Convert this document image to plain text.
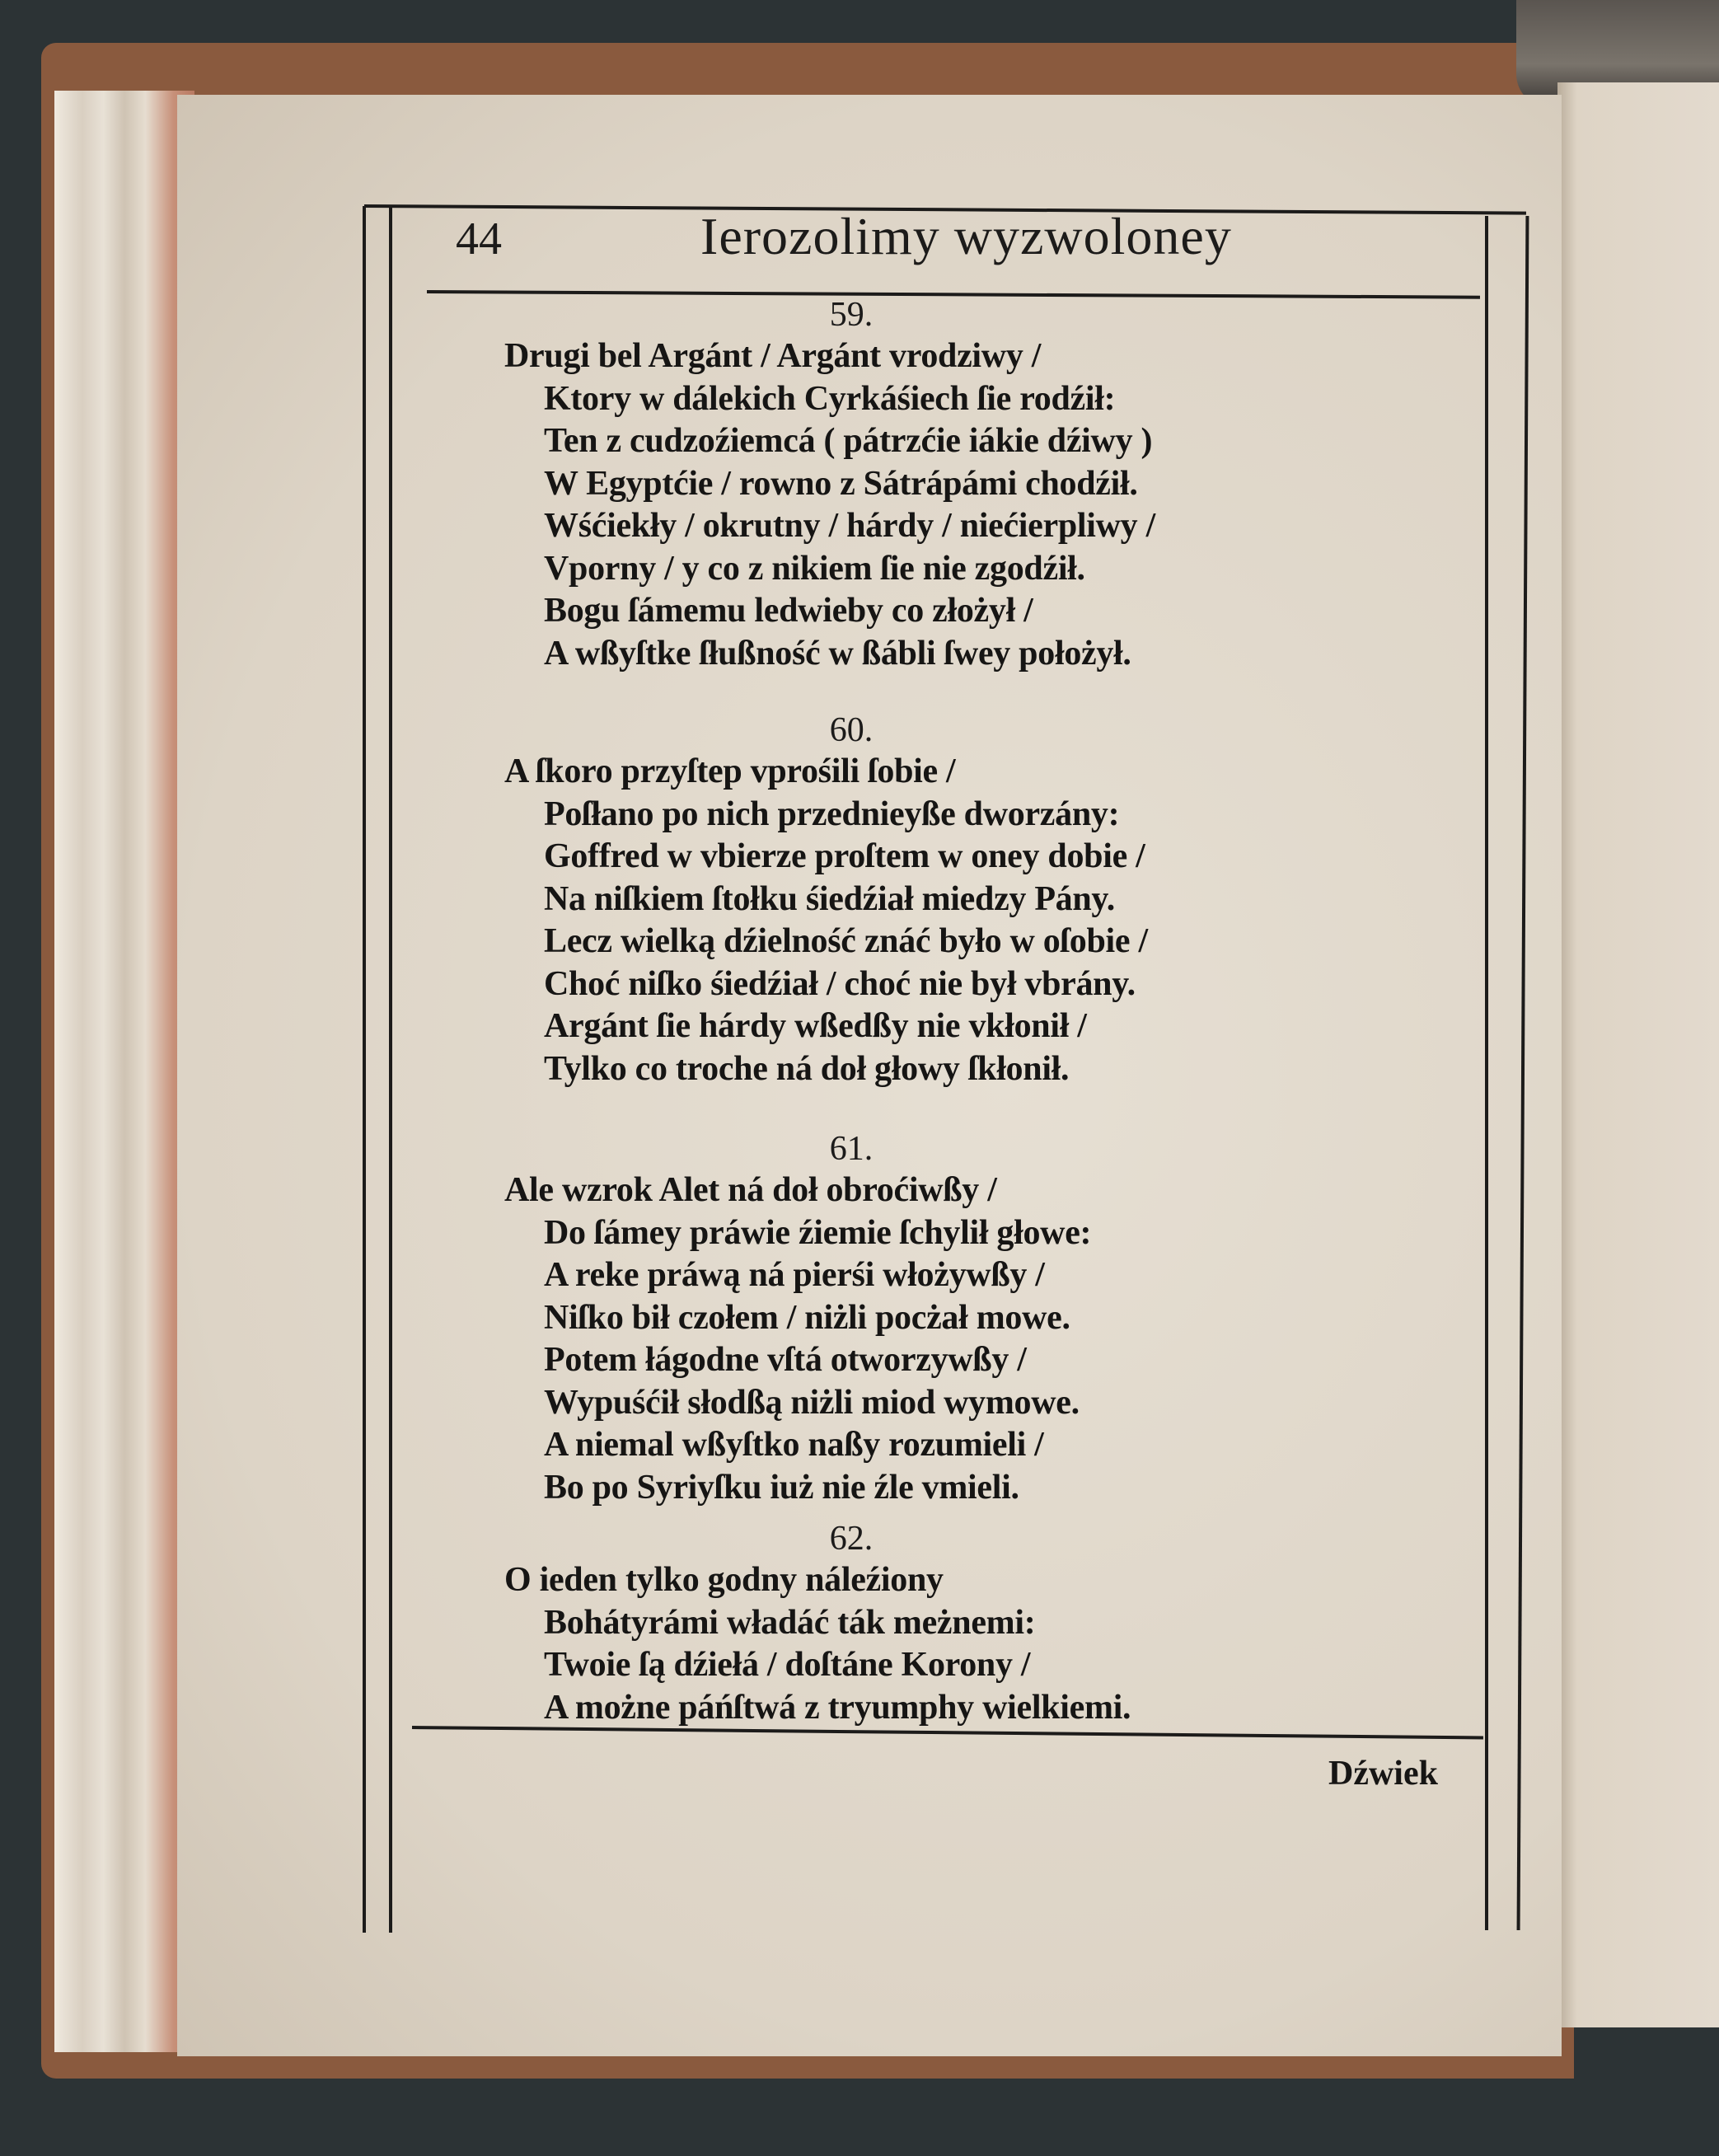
44	Ierozolimy wyzwoloney
59.
Drugi bel Argánt / Argánt vrodziwy /
Ktory w dálekich Cyrkáśiech ſie rodźił:
Ten z cudzoźiemcá ( pátrzćie iákie dźiwy )
W Egyptćie / rowno z Sátrápámi chodźił.
Wśćiekły / okrutny / hárdy / niećierpliwy /
Vporny / y co z nikiem ſie nie zgodźił.
Bogu ſámemu ledwieby co złożył /
A wßyſtke ſłußność w ßábli ſwey położył.
60.
A ſkoro przyſtep vprośili ſobie /
Poſłano po nich przednieyße dworzány:
Goffred w vbierze proſtem w oney dobie /
Na niſkiem ſtołku śiedźiał miedzy Pány.
Lecz wielką dźielność znáć było w oſobie /
Choć niſko śiedźiał / choć nie był vbrány.
Argánt ſie hárdy wßedßy nie vkłonił /
Tylko co troche ná doł głowy ſkłonił.
61.
Ale wzrok Alet ná doł obroćiwßy /
Do ſámey práwie źiemie ſchylił głowe:
A reke práwą ná pierśi włożywßy /
Niſko bił czołem / niżli pocżał mowe.
Potem łágodne vſtá otworzywßy /
Wypuśćił słodßą niżli miod wymowe.
A niemal wßyſtko naßy rozumieli /
Bo po Syriyſku iuż nie źle vmieli.
62.
O ieden tylko godny náleźiony
Bohátyrámi władáć ták meżnemi:
Twoie ſą dźiełá / doſtáne Korony /
A możne páńſtwá z tryumphy wielkiemi.
Dźwiek
